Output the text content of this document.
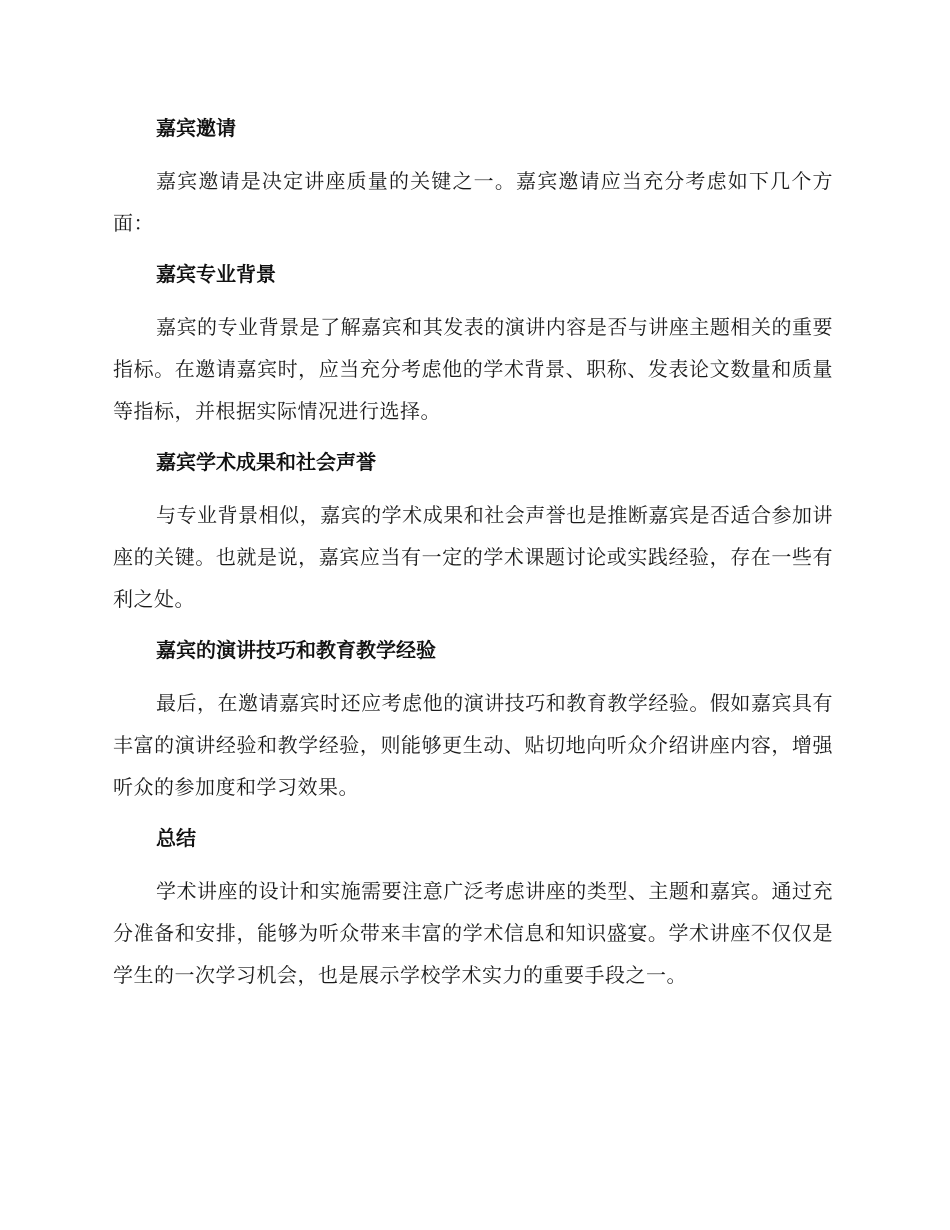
嘉宾邀请

嘉宾邀请是决定讲座质量的关键之一。嘉宾邀请应当充分考虑如下几个方面：

嘉宾专业背景

嘉宾的专业背景是了解嘉宾和其发表的演讲内容是否与讲座主题相关的重要指标。在邀请嘉宾时，应当充分考虑他的学术背景、职称、发表论文数量和质量等指标，并根据实际情况进行选择。

嘉宾学术成果和社会声誉

与专业背景相似，嘉宾的学术成果和社会声誉也是推断嘉宾是否适合参加讲座的关键。也就是说，嘉宾应当有一定的学术课题讨论或实践经验，存在一些有利之处。

嘉宾的演讲技巧和教育教学经验

最后，在邀请嘉宾时还应考虑他的演讲技巧和教育教学经验。假如嘉宾具有丰富的演讲经验和教学经验，则能够更生动、贴切地向听众介绍讲座内容，增强听众的参加度和学习效果。

总结

学术讲座的设计和实施需要注意广泛考虑讲座的类型、主题和嘉宾。通过充分准备和安排，能够为听众带来丰富的学术信息和知识盛宴。学术讲座不仅仅是学生的一次学习机会，也是展示学校学术实力的重要手段之一。
